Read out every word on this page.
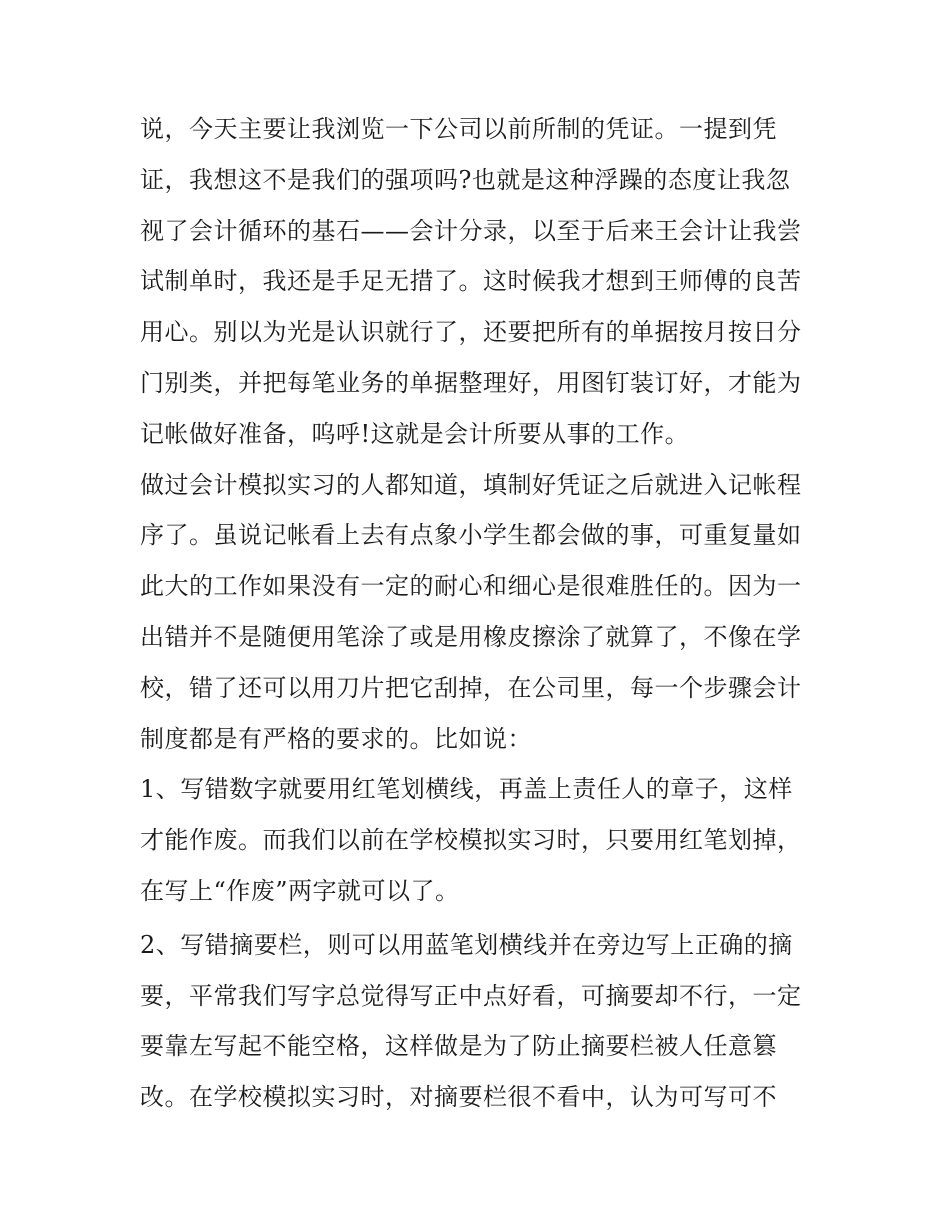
说，今天主要让我浏览一下公司以前所制的凭证。一提到凭
证，我想这不是我们的强项吗?也就是这种浮躁的态度让我忽
视了会计循环的基石——会计分录，以至于后来王会计让我尝
试制单时，我还是手足无措了。这时候我才想到王师傅的良苦
用心。别以为光是认识就行了，还要把所有的单据按月按日分
门别类，并把每笔业务的单据整理好，用图钉装订好，才能为
记帐做好准备，呜呼!这就是会计所要从事的工作。
做过会计模拟实习的人都知道，填制好凭证之后就进入记帐程
序了。虽说记帐看上去有点象小学生都会做的事，可重复量如
此大的工作如果没有一定的耐心和细心是很难胜任的。因为一
出错并不是随便用笔涂了或是用橡皮擦涂了就算了，不像在学
校，错了还可以用刀片把它刮掉，在公司里，每一个步骤会计
制度都是有严格的要求的。比如说：
1、写错数字就要用红笔划横线，再盖上责任人的章子，这样
才能作废。而我们以前在学校模拟实习时，只要用红笔划掉，
在写上“作废”两字就可以了。
2、写错摘要栏，则可以用蓝笔划横线并在旁边写上正确的摘
要，平常我们写字总觉得写正中点好看，可摘要却不行，一定
要靠左写起不能空格，这样做是为了防止摘要栏被人任意篡
改。在学校模拟实习时，对摘要栏很不看中，认为可写可不
